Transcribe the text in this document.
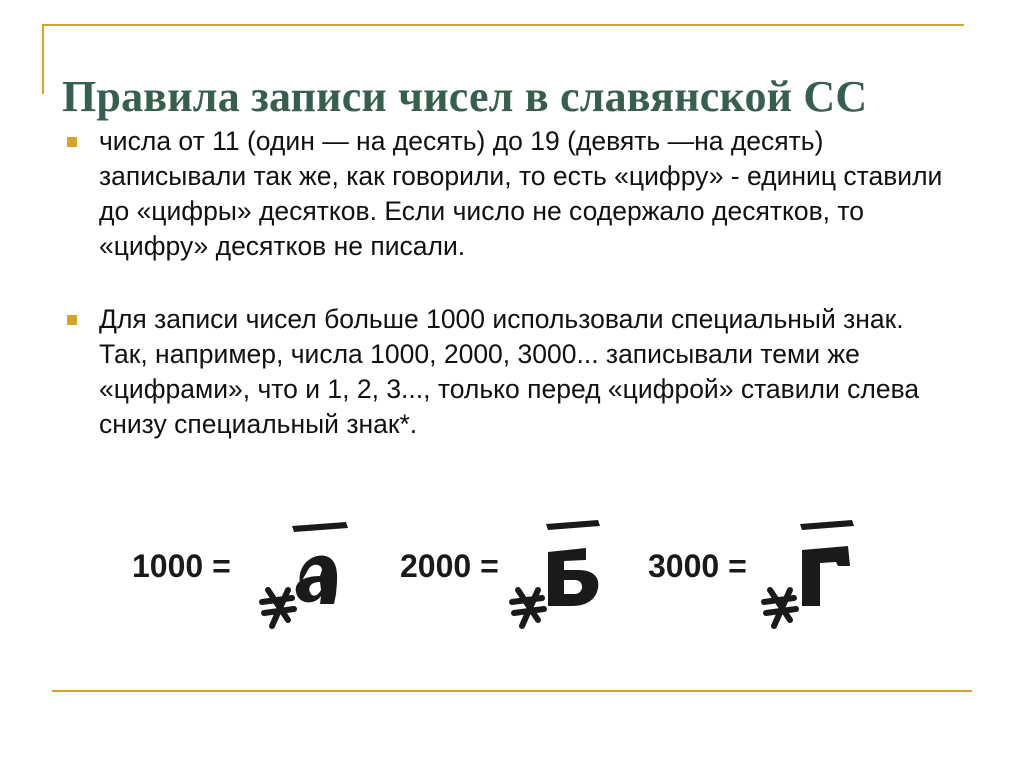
Правила записи чисел в славянской СС
числа от 11 (один — на десять) до 19 (девять —на десять) записывали так же, как говорили, то есть «цифру» - единиц ставили до «цифры» десятков. Если число не содержало десятков, то «цифру» десятков не писали.
Для записи чисел больше 1000 использовали специальный знак. Так, например, числа 1000, 2000, 3000... записывали теми же «цифрами», что и 1, 2, 3..., только перед «цифрой» ставили слева снизу специальный знак*.
1000 =	2000 =	3000 =
